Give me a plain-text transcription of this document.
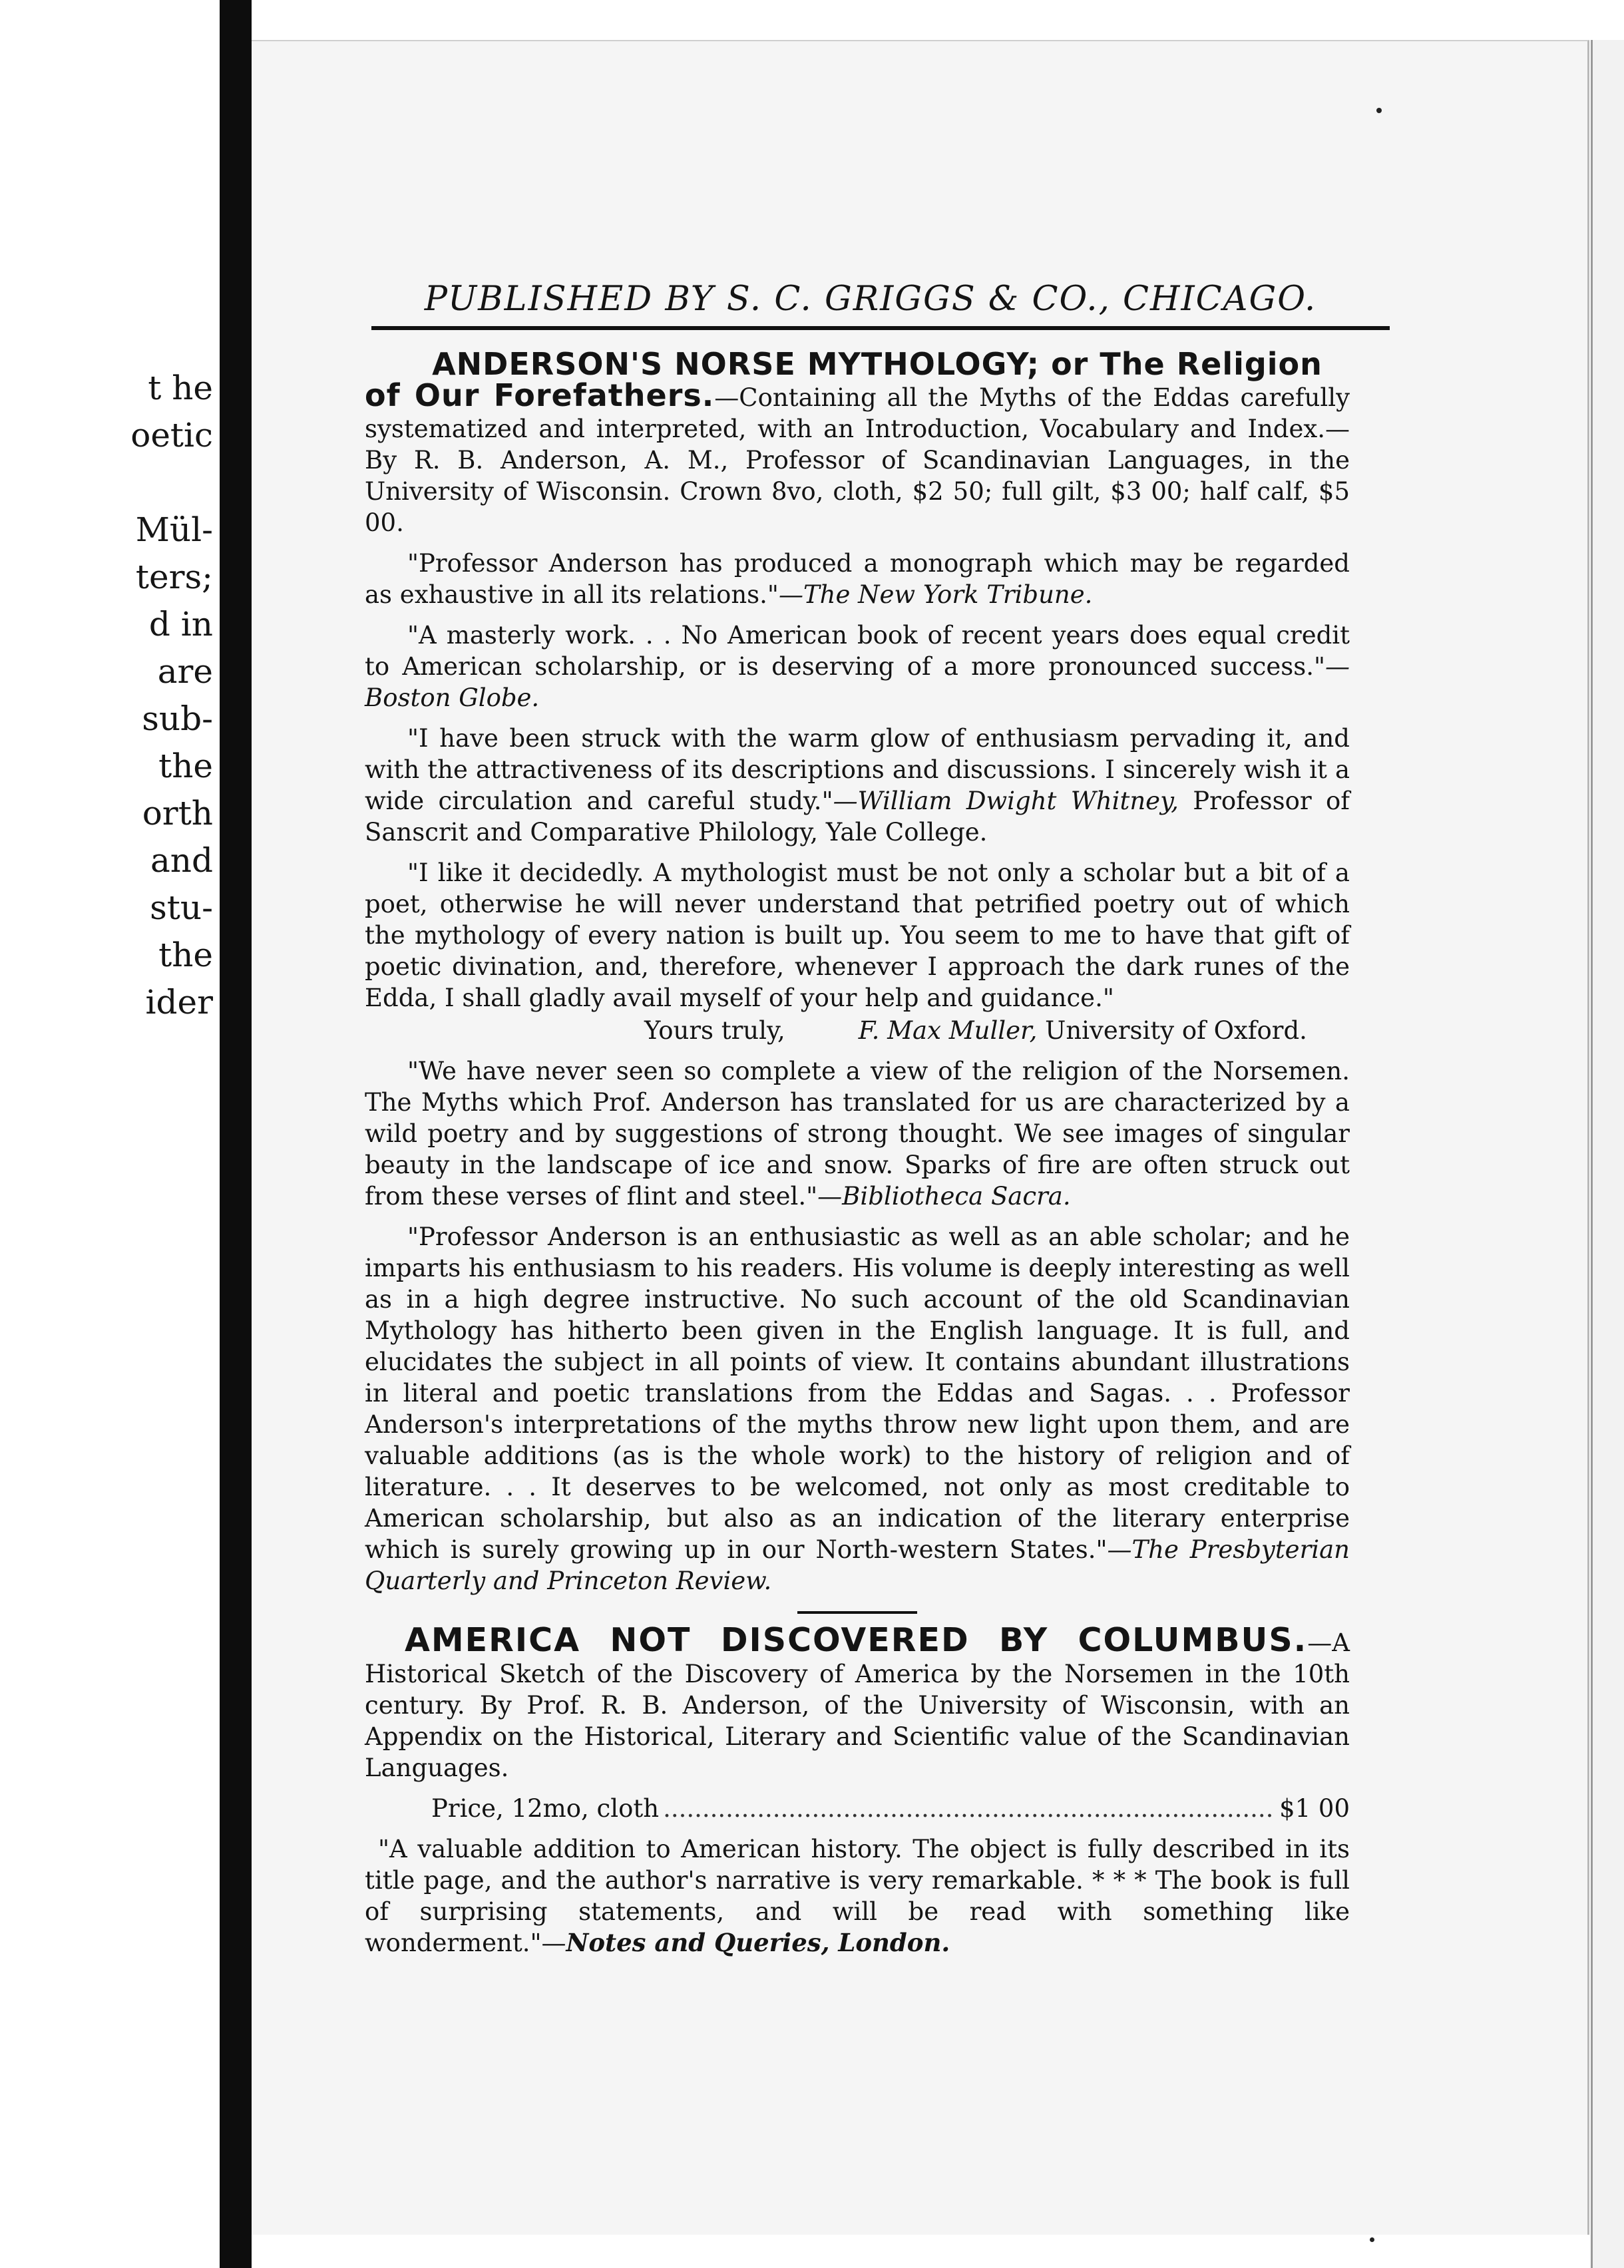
t he
oetic

Mül-
ters;
d in
are
sub-
the
orth
and
stu-
the
ider
PUBLISHED BY S. C. GRIGGS & CO., CHICAGO.
ANDERSON'S NORSE MYTHOLOGY; or The Religion
of Our Forefathers.—Containing all the Myths of the Eddas carefully systematized and interpreted, with an Introduction, Vocabulary and Index.—By R. B. Anderson, A. M., Professor of Scandinavian Languages, in the University of Wisconsin. Crown 8vo, cloth, $2 50; full gilt, $3 00; half calf, $5 00.

"Professor Anderson has produced a monograph which may be regarded as exhaustive in all its relations."—The New York Tribune.

"A masterly work. . . No American book of recent years does equal credit to American scholarship, or is deserving of a more pronounced success."—Boston Globe.

"I have been struck with the warm glow of enthusiasm pervading it, and with the attractiveness of its descriptions and discussions. I sincerely wish it a wide circulation and careful study."—William Dwight Whitney, Professor of Sanscrit and Comparative Philology, Yale College.

"I like it decidedly. A mythologist must be not only a scholar but a bit of a poet, otherwise he will never understand that petrified poetry out of which the mythology of every nation is built up. You seem to me to have that gift of poetic divination, and, therefore, whenever I approach the dark runes of the Edda, I shall gladly avail myself of your help and guidance."

Yours truly,	F. Max Muller, University of Oxford.

"We have never seen so complete a view of the religion of the Norsemen. The Myths which Prof. Anderson has translated for us are characterized by a wild poetry and by suggestions of strong thought. We see images of singular beauty in the landscape of ice and snow. Sparks of fire are often struck out from these verses of flint and steel."—Bibliotheca Sacra.

"Professor Anderson is an enthusiastic as well as an able scholar; and he imparts his enthusiasm to his readers. His volume is deeply interesting as well as in a high degree instructive. No such account of the old Scandinavian Mythology has hitherto been given in the English language. It is full, and elucidates the subject in all points of view. It contains abundant illustrations in literal and poetic translations from the Eddas and Sagas. . . Professor Anderson's interpretations of the myths throw new light upon them, and are valuable additions (as is the whole work) to the history of religion and of literature. . . It deserves to be welcomed, not only as most creditable to American scholarship, but also as an indication of the literary enterprise which is surely growing up in our North-western States."—The Presbyterian Quarterly and Princeton Review.

AMERICA NOT DISCOVERED BY COLUMBUS.—A Historical Sketch of the Discovery of America by the Norsemen in the 10th century. By Prof. R. B. Anderson, of the University of Wisconsin, with an Appendix on the Historical, Literary and Scientific value of the Scandinavian Languages.

Price, 12mo, cloth
.....	$1 00

"A valuable addition to American history. The object is fully described in its title page, and the author's narrative is very remarkable. * * * The book is full of surprising statements, and will be read with something like wonderment."—Notes and Queries, London.
